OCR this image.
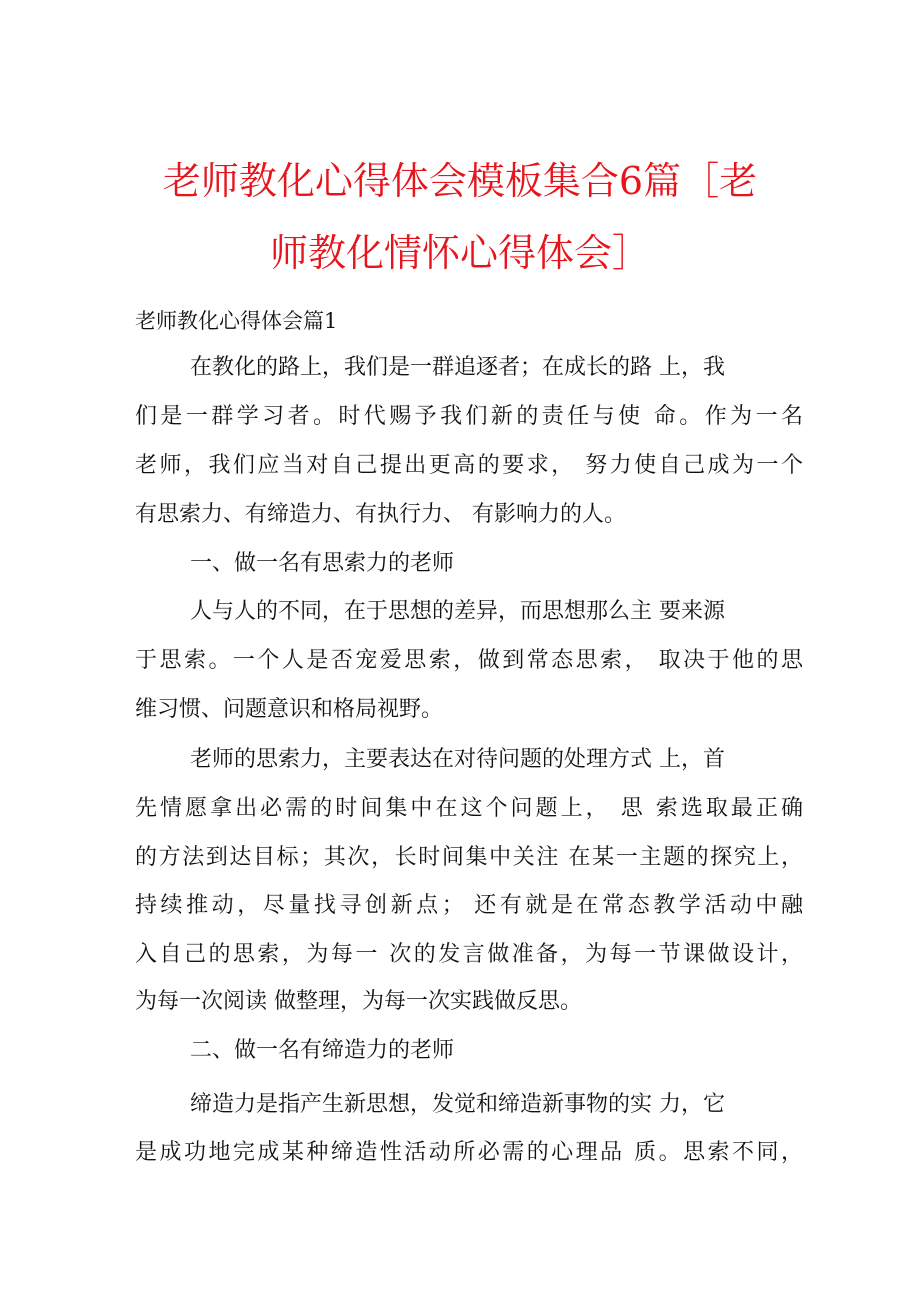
老师教化心得体会模板集合6篇［老
师教化情怀心得体会］
老师教化心得体会篇1
在教化的路上，我们是一群追逐者；在成长的路 上，我
们是一群学习者。时代赐予我们新的责任与使 命。作为一名
老师，我们应当对自己提出更高的要求， 努力使自己成为一个
有思索力、有缔造力、有执行力、 有影响力的人。
一、做一名有思索力的老师
人与人的不同，在于思想的差异，而思想那么主 要来源
于思索。一个人是否宠爱思索，做到常态思索， 取决于他的思
维习惯、问题意识和格局视野。
老师的思索力，主要表达在对待问题的处理方式 上，首
先情愿拿出必需的时间集中在这个问题上， 思 索选取最正确
的方法到达目标；其次，长时间集中关注 在某一主题的探究上，
持续推动，尽量找寻创新点； 还有就是在常态教学活动中融
入自己的思索，为每一 次的发言做准备，为每一节课做设计，
为每一次阅读 做整理，为每一次实践做反思。
二、做一名有缔造力的老师
缔造力是指产生新思想，发觉和缔造新事物的实 力，它
是成功地完成某种缔造性活动所必需的心理品 质。思索不同，
